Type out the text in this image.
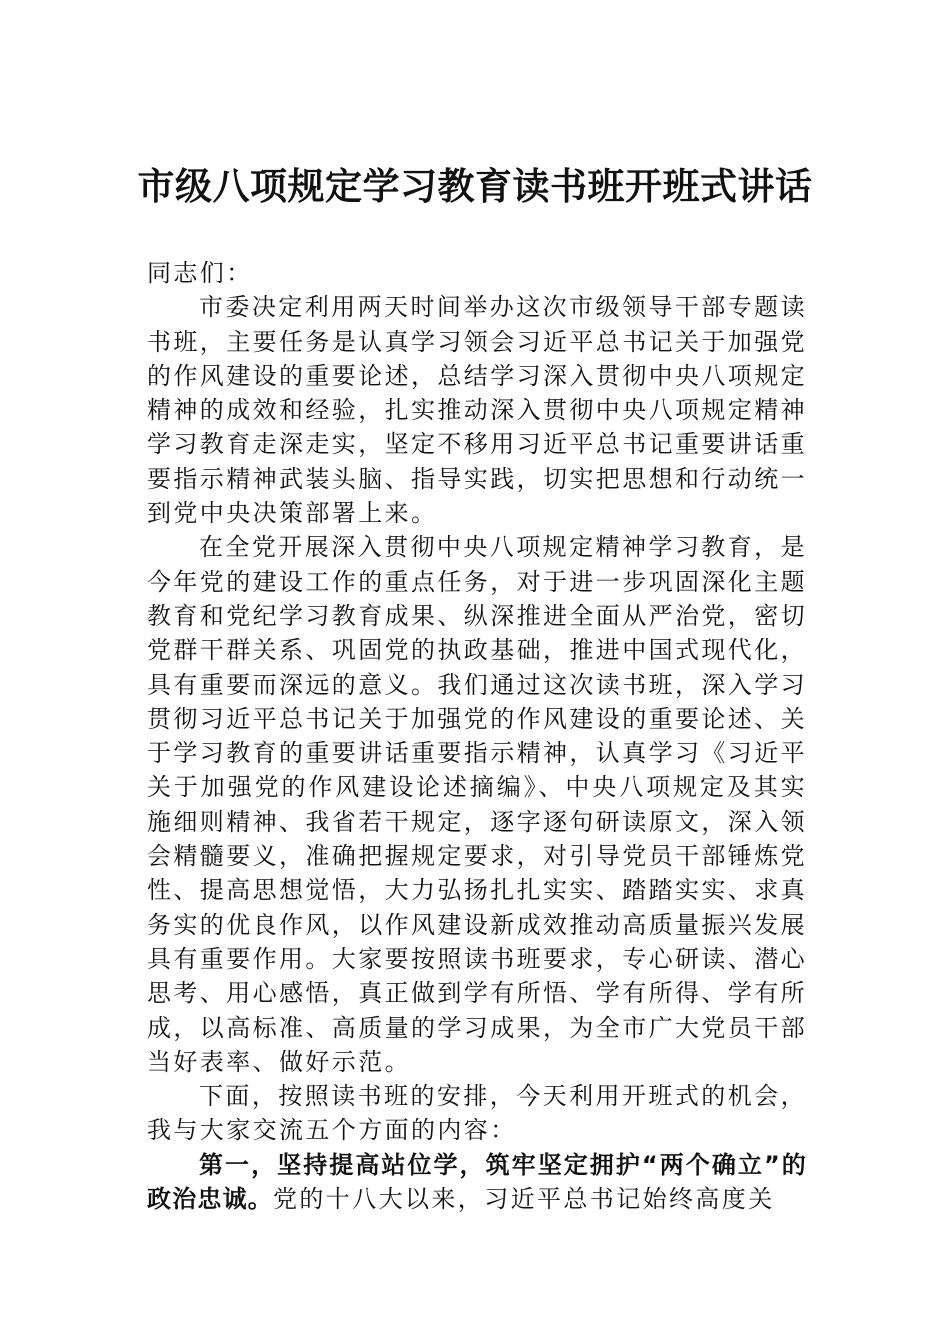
市级八项规定学习教育读书班开班式讲话

同志们：

市委决定利用两天时间举办这次市级领导干部专题读书班，主要任务是认真学习领会习近平总书记关于加强党的作风建设的重要论述，总结学习深入贯彻中央八项规定精神的成效和经验，扎实推动深入贯彻中央八项规定精神学习教育走深走实，坚定不移用习近平总书记重要讲话重要指示精神武装头脑、指导实践，切实把思想和行动统一到党中央决策部署上来。

在全党开展深入贯彻中央八项规定精神学习教育，是今年党的建设工作的重点任务，对于进一步巩固深化主题教育和党纪学习教育成果、纵深推进全面从严治党，密切党群干群关系、巩固党的执政基础，推进中国式现代化，具有重要而深远的意义。我们通过这次读书班，深入学习贯彻习近平总书记关于加强党的作风建设的重要论述、关于学习教育的重要讲话重要指示精神，认真学习《习近平关于加强党的作风建设论述摘编》、中央八项规定及其实施细则精神、我省若干规定，逐字逐句研读原文，深入领会精髓要义，准确把握规定要求，对引导党员干部锤炼党性、提高思想觉悟，大力弘扬扎扎实实、踏踏实实、求真务实的优良作风，以作风建设新成效推动高质量振兴发展具有重要作用。大家要按照读书班要求，专心研读、潜心思考、用心感悟，真正做到学有所悟、学有所得、学有所成，以高标准、高质量的学习成果，为全市广大党员干部当好表率、做好示范。

下面，按照读书班的安排，今天利用开班式的机会，我与大家交流五个方面的内容：

第一，坚持提高站位学，筑牢坚定拥护“两个确立”的政治忠诚。党的十八大以来，习近平总书记始终高度关
